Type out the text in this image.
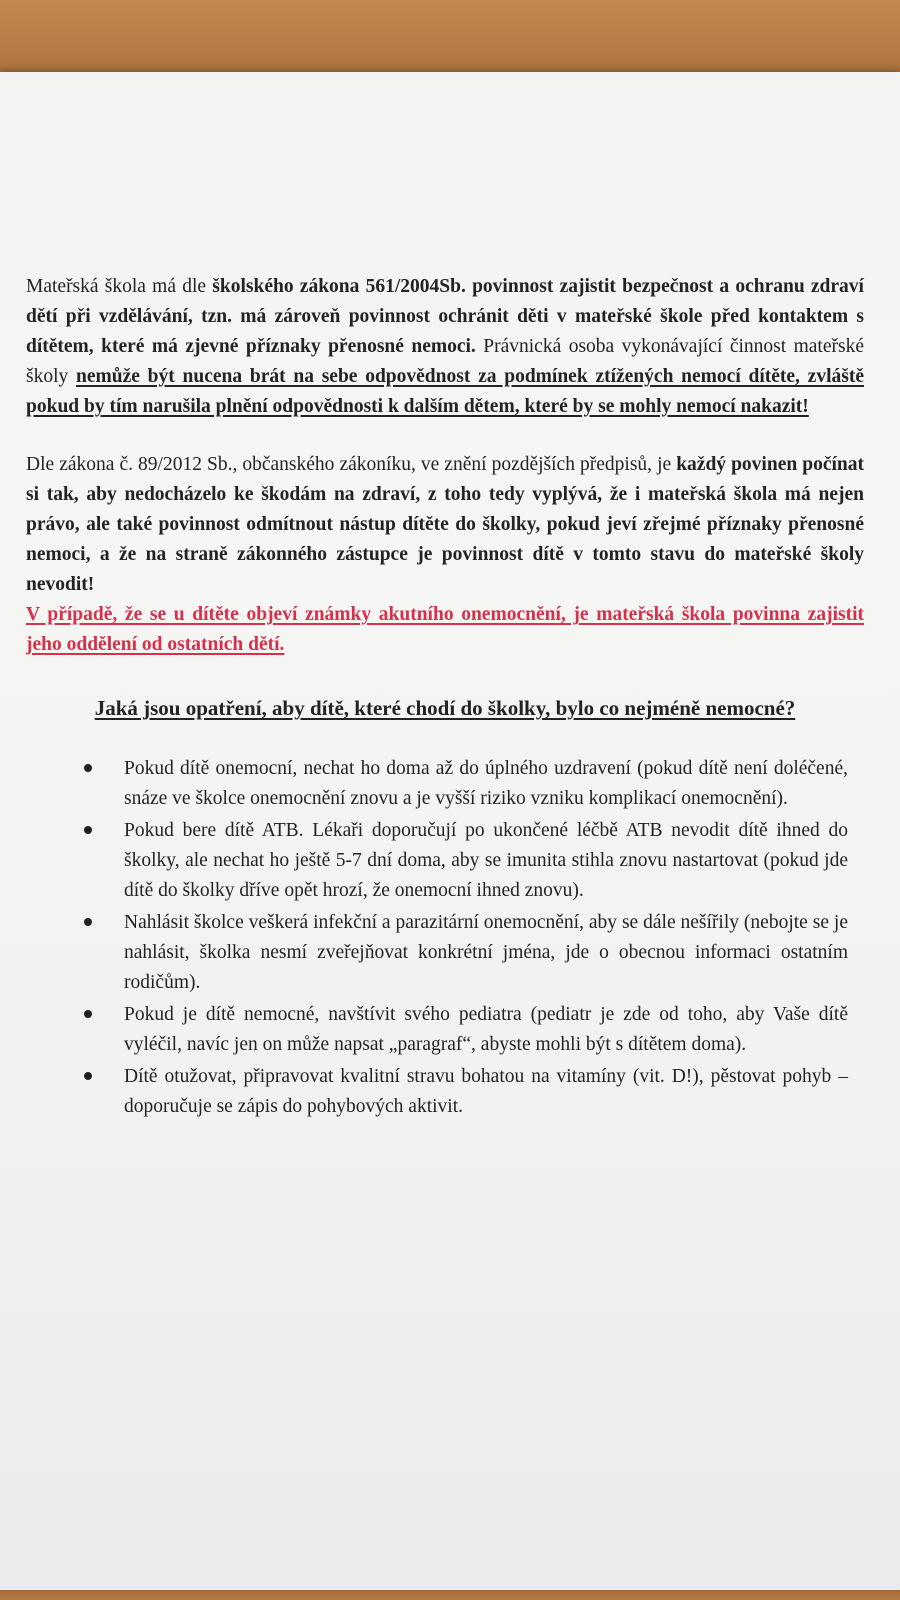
Mateřská škola má dle školského zákona 561/2004Sb. povinnost zajistit bezpečnost a ochranu zdraví dětí při vzdělávání, tzn. má zároveň povinnost ochránit děti v mateřské škole před kontaktem s dítětem, které má zjevné příznaky přenosné nemoci. Právnická osoba vykonávající činnost mateřské školy nemůže být nucena brát na sebe odpovědnost za podmínek ztížených nemocí dítěte, zvláště pokud by tím narušila plnění odpovědnosti k dalším dětem, které by se mohly nemocí nakazit!

Dle zákona č. 89/2012 Sb., občanského zákoníku, ve znění pozdějších předpisů, je každý povinen počínat si tak, aby nedocházelo ke škodám na zdraví, z toho tedy vyplývá, že i mateřská škola má nejen právo, ale také povinnost odmítnout nástup dítěte do školky, pokud jeví zřejmé příznaky přenosné nemoci, a že na straně zákonného zástupce je povinnost dítě v tomto stavu do mateřské školy nevodit!
V případě, že se u dítěte objeví známky akutního onemocnění, je mateřská škola povinna zajistit jeho oddělení od ostatních dětí.

Jaká jsou opatření, aby dítě, které chodí do školky, bylo co nejméně nemocné?
Pokud dítě onemocní, nechat ho doma až do úplného uzdravení (pokud dítě není doléčené, snáze ve školce onemocnění znovu a je vyšší riziko vzniku komplikací onemocnění).
Pokud bere dítě ATB. Lékaři doporučují po ukončené léčbě ATB nevodit dítě ihned do školky, ale nechat ho ještě 5-7 dní doma, aby se imunita stihla znovu nastartovat (pokud jde dítě do školky dříve opět hrozí, že onemocní ihned znovu).
Nahlásit školce veškerá infekční a parazitární onemocnění, aby se dále nešířily (nebojte se je nahlásit, školka nesmí zveřejňovat konkrétní jména, jde o obecnou informaci ostatním rodičům).
Pokud je dítě nemocné, navštívit svého pediatra (pediatr je zde od toho, aby Vaše dítě vyléčil, navíc jen on může napsat „paragraf“, abyste mohli být s dítětem doma).
Dítě otužovat, připravovat kvalitní stravu bohatou na vitamíny (vit. D!), pěstovat pohyb – doporučuje se zápis do pohybových aktivit.
